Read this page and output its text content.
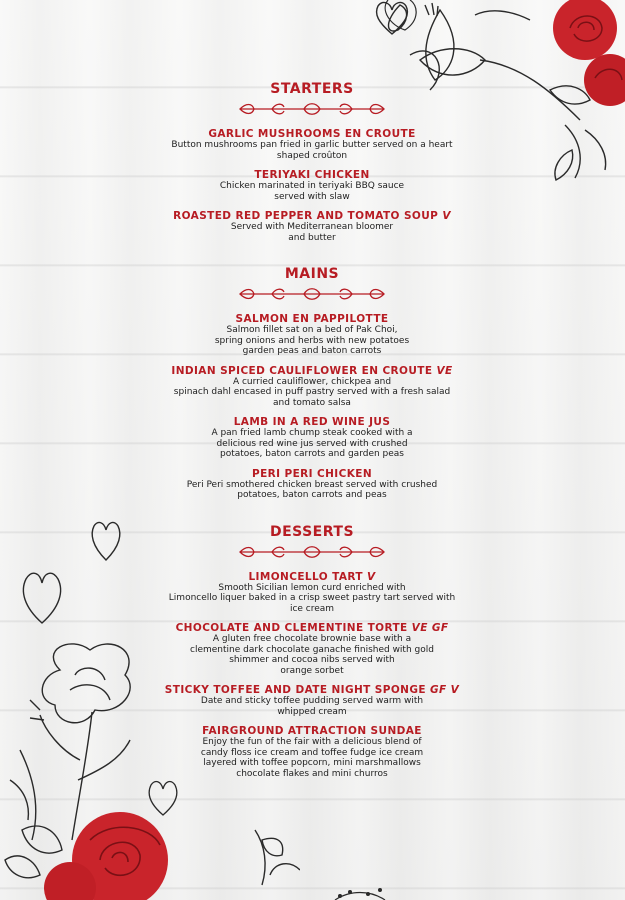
STARTERS

GARLIC MUSHROOMS EN CROUTE

Button mushrooms pan fried in garlic butter served on a heart
shaped croûton

TERIYAKI CHICKEN

Chicken marinated in teriyaki BBQ sauce
served with slaw

ROASTED RED PEPPER AND TOMATO SOUP V

Served with Mediterranean bloomer
and butter

MAINS

SALMON EN PAPPILOTTE

Salmon fillet sat on a bed of Pak Choi,
spring onions and herbs with new potatoes
garden peas and baton carrots

INDIAN SPICED CAULIFLOWER EN CROUTE VE

A curried cauliflower, chickpea and
spinach dahl encased in puff pastry served with a fresh salad
and tomato salsa

LAMB IN A RED WINE JUS

A pan fried lamb chump steak cooked with a
delicious red wine jus served with crushed
potatoes, baton carrots and garden peas

PERI PERI CHICKEN

Peri Peri smothered chicken breast served with crushed
potatoes, baton carrots and peas

DESSERTS

LIMONCELLO TART V

Smooth Sicilian lemon curd enriched with
Limoncello liquer baked in a crisp sweet pastry tart served with
ice cream

CHOCOLATE AND CLEMENTINE TORTE VE GF

A gluten free chocolate brownie base with a
clementine dark chocolate ganache finished with gold
shimmer and cocoa nibs served with
orange sorbet

STICKY TOFFEE AND DATE NIGHT SPONGE GF V

Date and sticky toffee pudding served warm with
whipped cream

FAIRGROUND ATTRACTION SUNDAE

Enjoy the fun of the fair with a delicious blend of
candy floss ice cream and toffee fudge ice cream
layered with toffee popcorn, mini marshmallows
chocolate flakes and mini churros
